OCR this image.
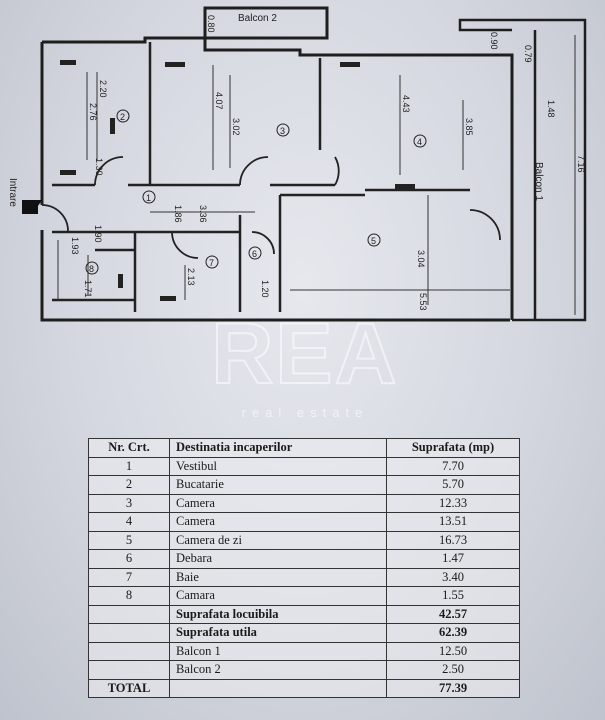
Balcon 2
Balcon 1
Intrare
2
3
4
5
1
6
7
8
2.20
2.76
4.07
3.02
4.43
3.85
7.16
1.48
0.79
0.90
1.86 3.36
1.90
1.93
1.71
2.13
3.04
5.53
1.20
0.80
1.30
REA
real estate
Nr. Crt.	Destinatia incaperilor	Suprafata (mp)
1	Vestibul	7.70
2	Bucatarie	5.70
3	Camera	12.33
4	Camera	13.51
5	Camera de zi	16.73
6	Debara	1.47
7	Baie	3.40
8	Camara	1.55
	Suprafata locuibila	42.57
	Suprafata utila	62.39
	Balcon 1	12.50
	Balcon 2	2.50
TOTAL		77.39
